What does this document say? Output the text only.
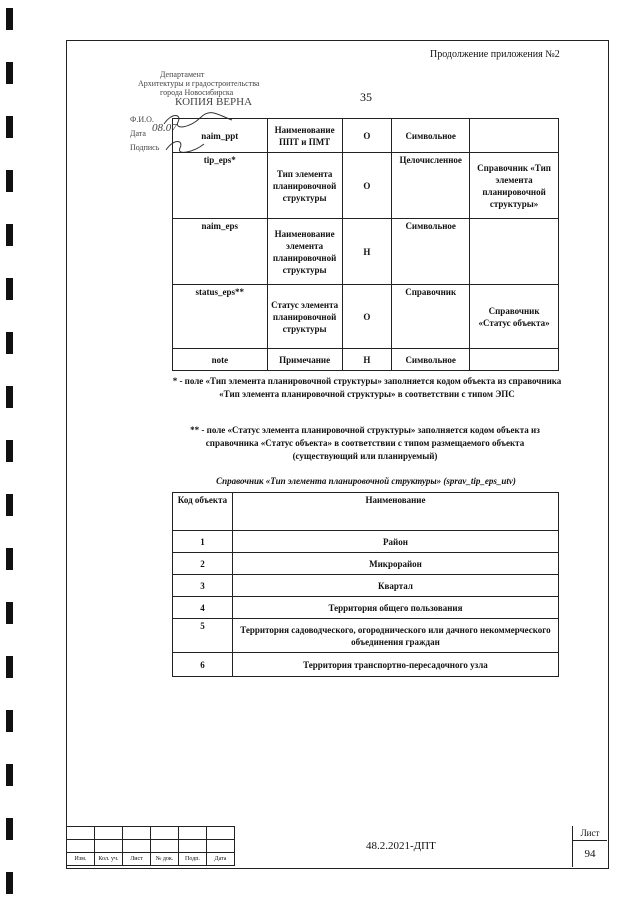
Продолжение приложения №2
Департамент
Архитектуры и градостроительства
города Новосибирска
КОПИЯ ВЕРНА
Ф.И.О.
Дата 08.07
Подпись
35
naim_ppt	Наименование ППТ и ПМТ	О	Символьное	
tip_eps*	Тип элемента планировочной структуры	О	Целочисленное	Справочник «Тип элемента планировочной структуры»
naim_eps	Наименование элемента планировочной структуры	Н	Символьное	
status_eps**	Статус элемента планировочной структуры	О	Справочник	Справочник «Статус объекта»
note	Примечание	Н	Символьное	
* - поле «Тип элемента планировочной структуры» заполняется кодом объекта из справочника «Тип элемента планировочной структуры» в соответствии с типом ЭПС
** - поле «Статус элемента планировочной структуры» заполняется кодом объекта из справочника «Статус объекта» в соответствии с типом размещаемого объекта (существующий или планируемый)
Справочник «Тип элемента планировочной структуры» (sprav_tip_eps_utv)
Код объекта	Наименование
1	Район
2	Микрорайон
3	Квартал
4	Территория общего пользования
5	Территория садоводческого, огороднического или дачного некоммерческого объединения граждан
6	Территория транспортно-пересадочного узла

Изм.	Кол. уч.	Лист	№ док.	Подп.	Дата
48.2.2021-ДПТ
Лист
94
